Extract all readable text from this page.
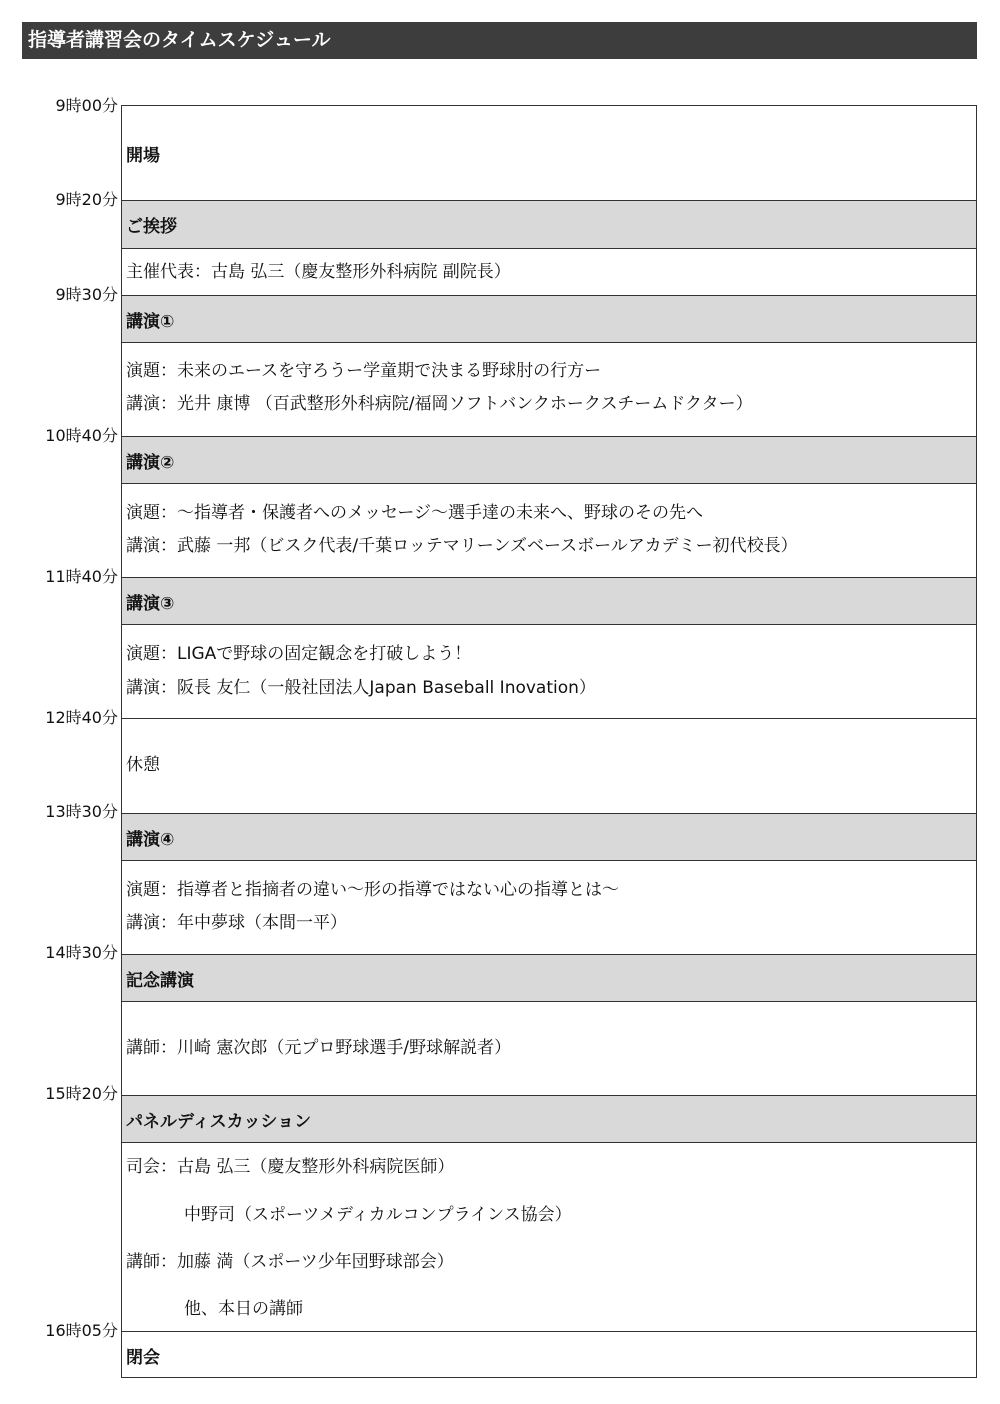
指導者講習会のタイムスケジュール
9時00分
9時20分
9時30分
10時40分
11時40分
12時40分
13時30分
14時30分
15時20分
16時05分
開場
ご挨拶
主催代表：古島 弘三（慶友整形外科病院 副院長）
講演①
演題：未来のエースを守ろうー学童期で決まる野球肘の行方ー
講演：光井 康博 （百武整形外科病院/福岡ソフトバンクホークスチームドクター）
講演②
演題：～指導者・保護者へのメッセージ～選手達の未来へ、野球のその先へ
講演：武藤 一邦（ビスク代表/千葉ロッテマリーンズベースボールアカデミー初代校長）
講演③
演題：LIGAで野球の固定観念を打破しよう！
講演：阪長 友仁（一般社団法人Japan Baseball Inovation）
休憩
講演④
演題：指導者と指摘者の違い～形の指導ではない心の指導とは～
講演：年中夢球（本間一平）
記念講演
講師：川崎 憲次郎（元プロ野球選手/野球解説者）
パネルディスカッション
司会：古島 弘三（慶友整形外科病院医師）
中野司（スポーツメディカルコンプラインス協会）
講師：加藤 満（スポーツ少年団野球部会）
他、本日の講師
閉会
